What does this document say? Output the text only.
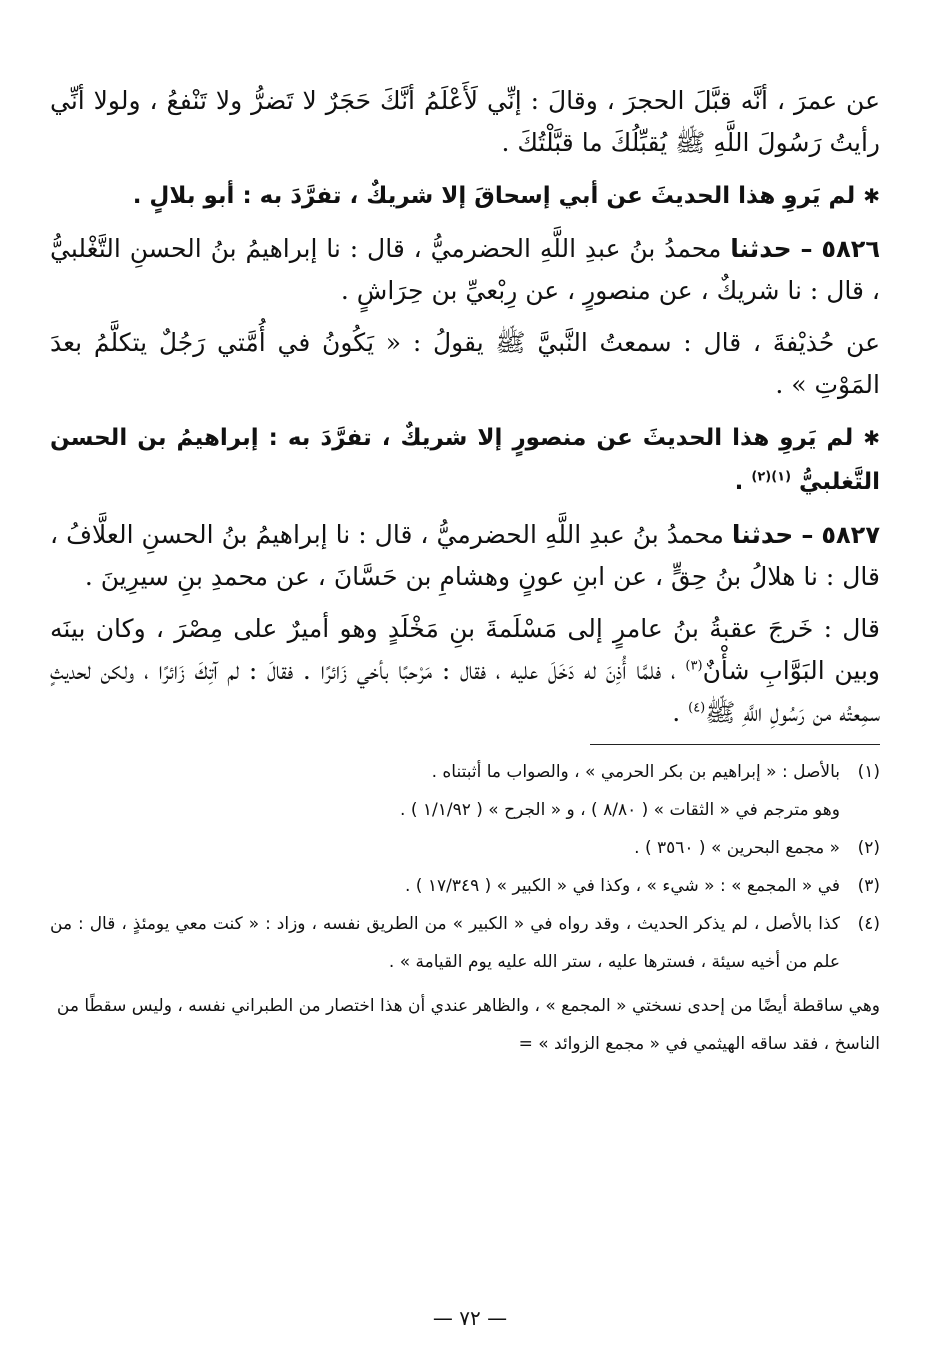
عن عمرَ ، أنَّه قبَّلَ الحجرَ ، وقالَ : إنِّي لَأَعْلَمُ أنَّكَ حَجَرٌ لا تَضرُّ ولا تَنْفعُ ، ولولا أنِّي رأيتُ رَسُولَ اللَّهِ ﷺ يُقبِّلُكَ ما قبَّلْتُكَ .

✱ لم يَروِ هذا الحديثَ عن أبي إسحاقَ إلا شريكٌ ، تفرَّدَ به : أبو بلالٍ .

٥٨٢٦ – حدثنا محمدُ بنُ عبدِ اللَّهِ الحضرميُّ ، قال : نا إبراهيمُ بنُ الحسنِ التَّغْلبيُّ ، قال : نا شريكٌ ، عن منصورٍ ، عن رِبْعيِّ بن حِرَاشٍ .

عن حُذيْفةَ ، قال : سمعتُ النَّبيَّ ﷺ يقولُ : « يَكُونُ في أُمَّتي رَجُلٌ يتكلَّمُ بعدَ المَوْتِ » .

✱ لم يَروِ هذا الحديثَ عن منصورٍ إلا شريكٌ ، تفرَّدَ به : إبراهيمُ بن الحسن التَّغلبيُّ $^{(١)(٢)}$ .

٥٨٢٧ – حدثنا محمدُ بنُ عبدِ اللَّهِ الحضرميُّ ، قال : نا إبراهيمُ بنُ الحسنِ العلَّافُ ، قال : نا هلالُ بنُ حِقٍّ ، عن ابنِ عونٍ وهشامِ بن حَسَّانَ ، عن محمدِ بنِ سيرِينَ .

قال : خَرجَ عقبةُ بنُ عامرٍ إلى مَسْلَمةَ بنِ مَخْلَدٍ وهو أميرٌ على مِصْرَ ، وكان بينَه وبين البَوَّابِ شأْنٌ$^{(٣)}$ ، فلمَّا أُذِنَ له دَخَلَ عليه ، فقال : مَرْحبًا بأخي زَائرًا . فقالَ : لم آتِكَ زَائرًا ، ولكن لحديثٍ سمِعتُه من رَسُولِ اللَّهِ ﷺ$^{(٤)}$ .

(١)
بالأصل : « إبراهيم بن بكر الحرمي » ، والصواب ما أثبتناه .
وهو مترجم في « الثقات » ( ٨/٨٠ ) ، و « الجرح » ( ١/١/٩٢ ) .
(٢)
« مجمع البحرين » ( ٣٥٦٠ ) .
(٣)
في « المجمع » : « شيء » ، وكذا في « الكبير » ( ١٧/٣٤٩ ) .
(٤)
كذا بالأصل ، لم يذكر الحديث ، وقد رواه في « الكبير » من الطريق نفسه ، وزاد : « كنت معي يومئذٍ ، قال : من علم من أخيه سيئة ، فسترها عليه ، ستر الله عليه يوم القيامة » .
وهي ساقطة أيضًا من إحدى نسختي « المجمع » ، والظاهر عندي أن هذا اختصار من الطبراني نفسه ، وليس سقطًا من الناسخ ، فقد ساقه الهيثمي في « مجمع الزوائد » =
— ٧٢ —
